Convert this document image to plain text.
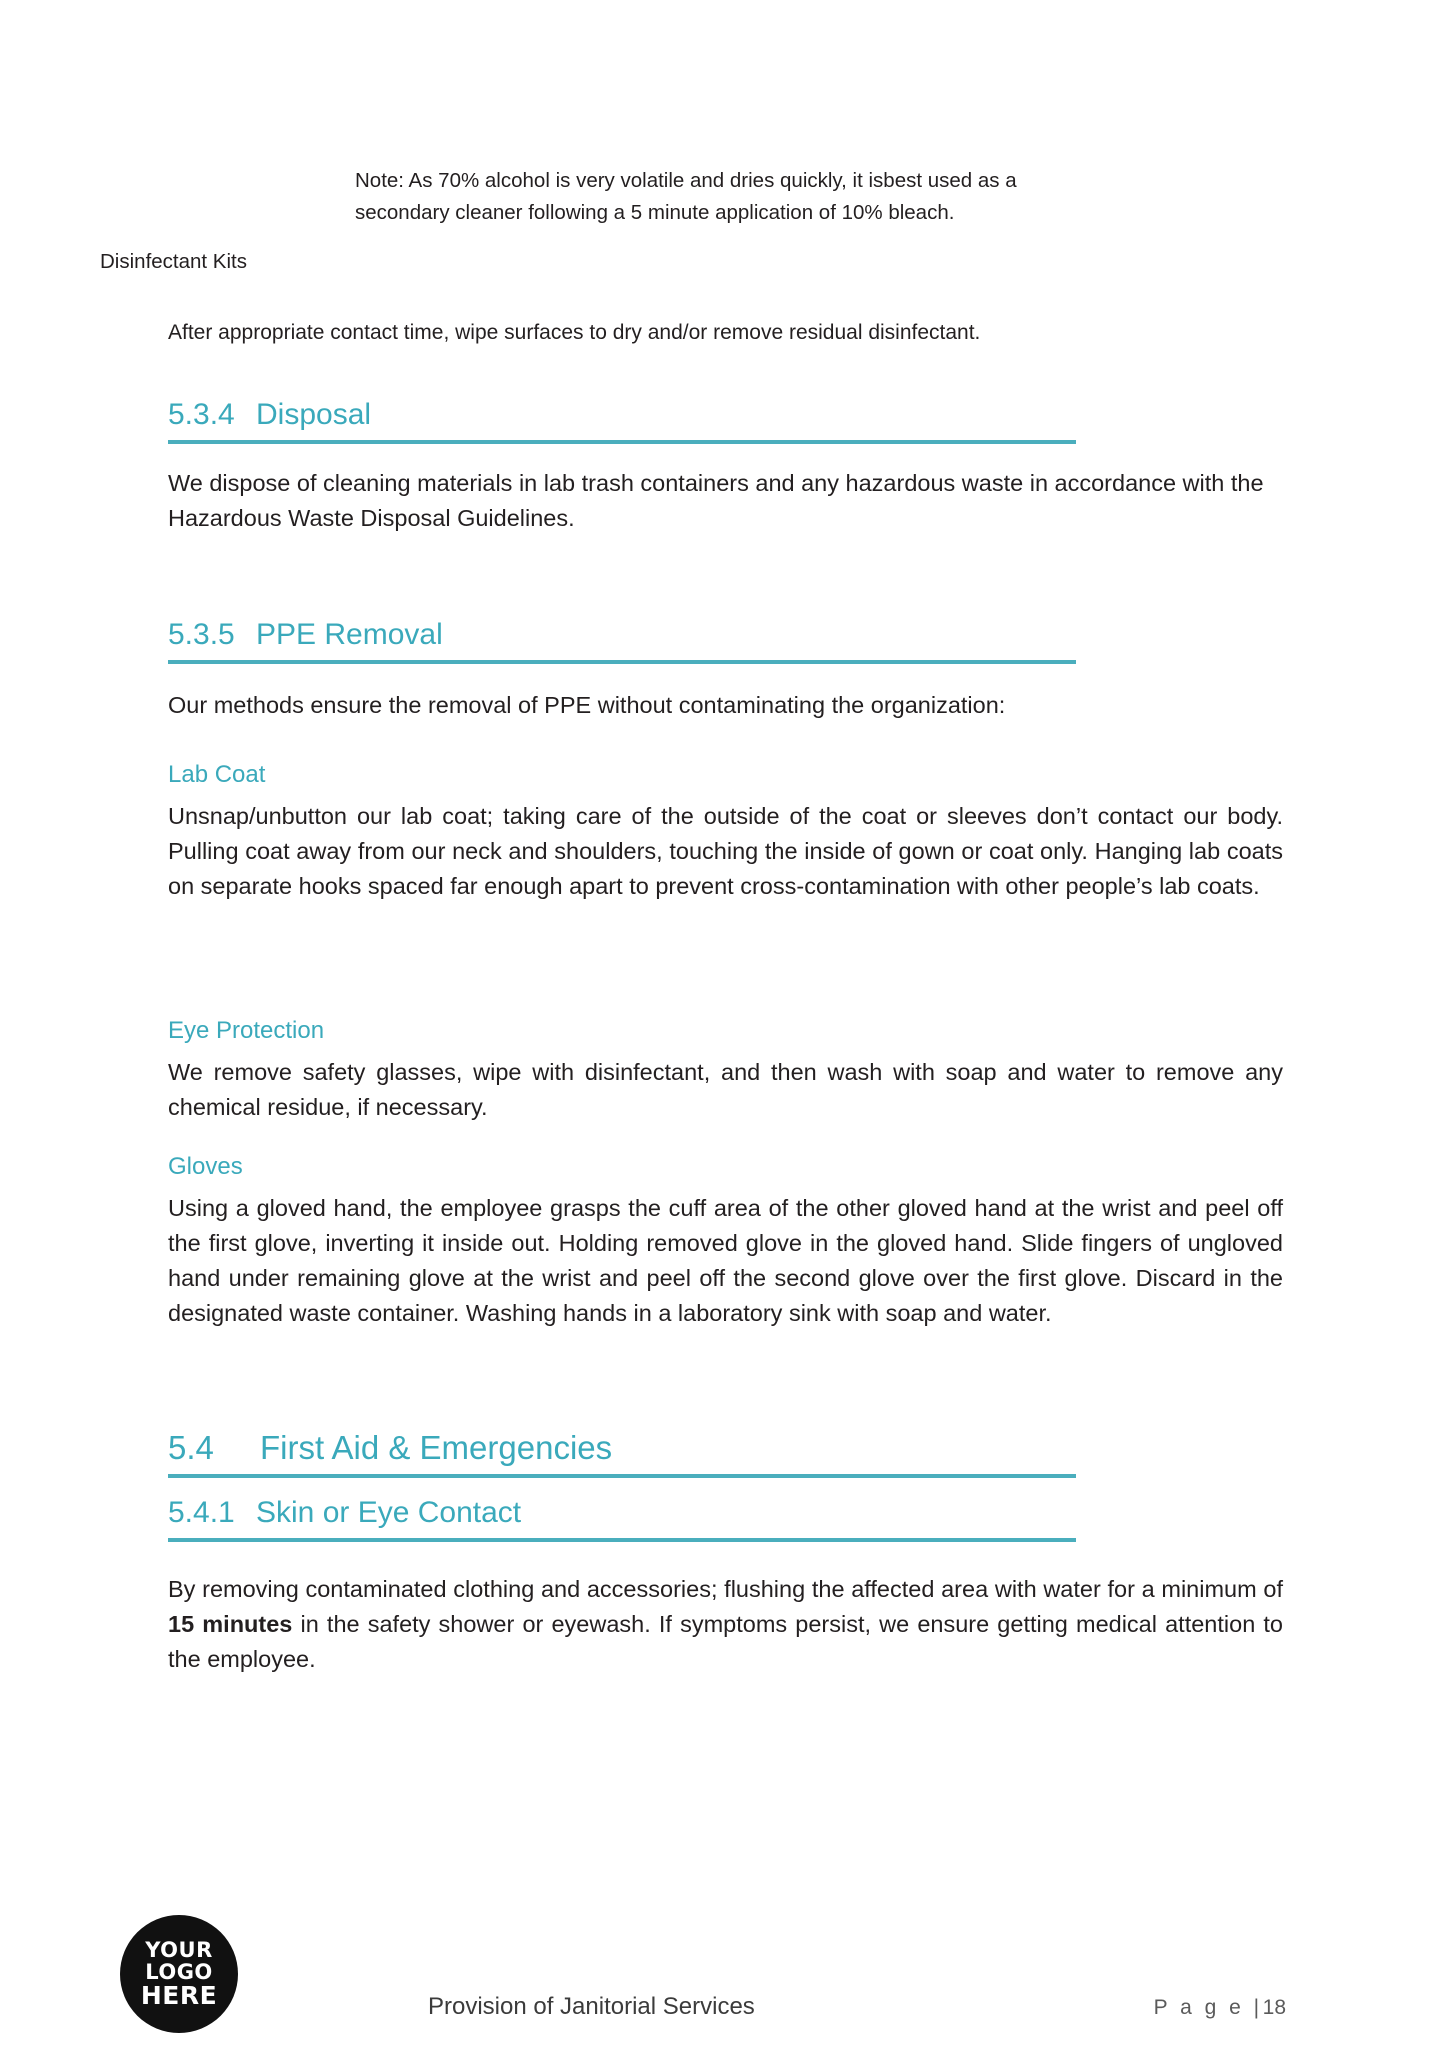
Note: As 70% alcohol is very volatile and dries quickly, it isbest used as a secondary cleaner following a 5 minute application of 10% bleach.
Disinfectant Kits
After appropriate contact time, wipe surfaces to dry and/or remove residual disinfectant.
5.3.4 Disposal

We dispose of cleaning materials in lab trash containers and any hazardous waste in accordance with the Hazardous Waste Disposal Guidelines.

5.3.5 PPE Removal

Our methods ensure the removal of PPE without contaminating the organization:

Lab Coat

Unsnap/unbutton our lab coat; taking care of the outside of the coat or sleeves don’t contact our body. Pulling coat away from our neck and shoulders, touching the inside of gown or coat only. Hanging lab coats on separate hooks spaced far enough apart to prevent cross-contamination with other people’s lab coats.

Eye Protection

We remove safety glasses, wipe with disinfectant, and then wash with soap and water to remove any chemical residue, if necessary.

Gloves

Using a gloved hand, the employee grasps the cuff area of the other gloved hand at the wrist and peel off the first glove, inverting it inside out. Holding removed glove in the gloved hand. Slide fingers of ungloved hand under remaining glove at the wrist and peel off the second glove over the first glove. Discard in the designated waste container. Washing hands in a laboratory sink with soap and water.

5.4 First Aid & Emergencies
5.4.1 Skin or Eye Contact

By removing contaminated clothing and accessories; flushing the affected area with water for a minimum of 15 minutes in the safety shower or eyewash. If symptoms persist, we ensure getting medical attention to the employee.

YOUR
LOGO
HERE	Provision of Janitorial Services	P a g e |18
